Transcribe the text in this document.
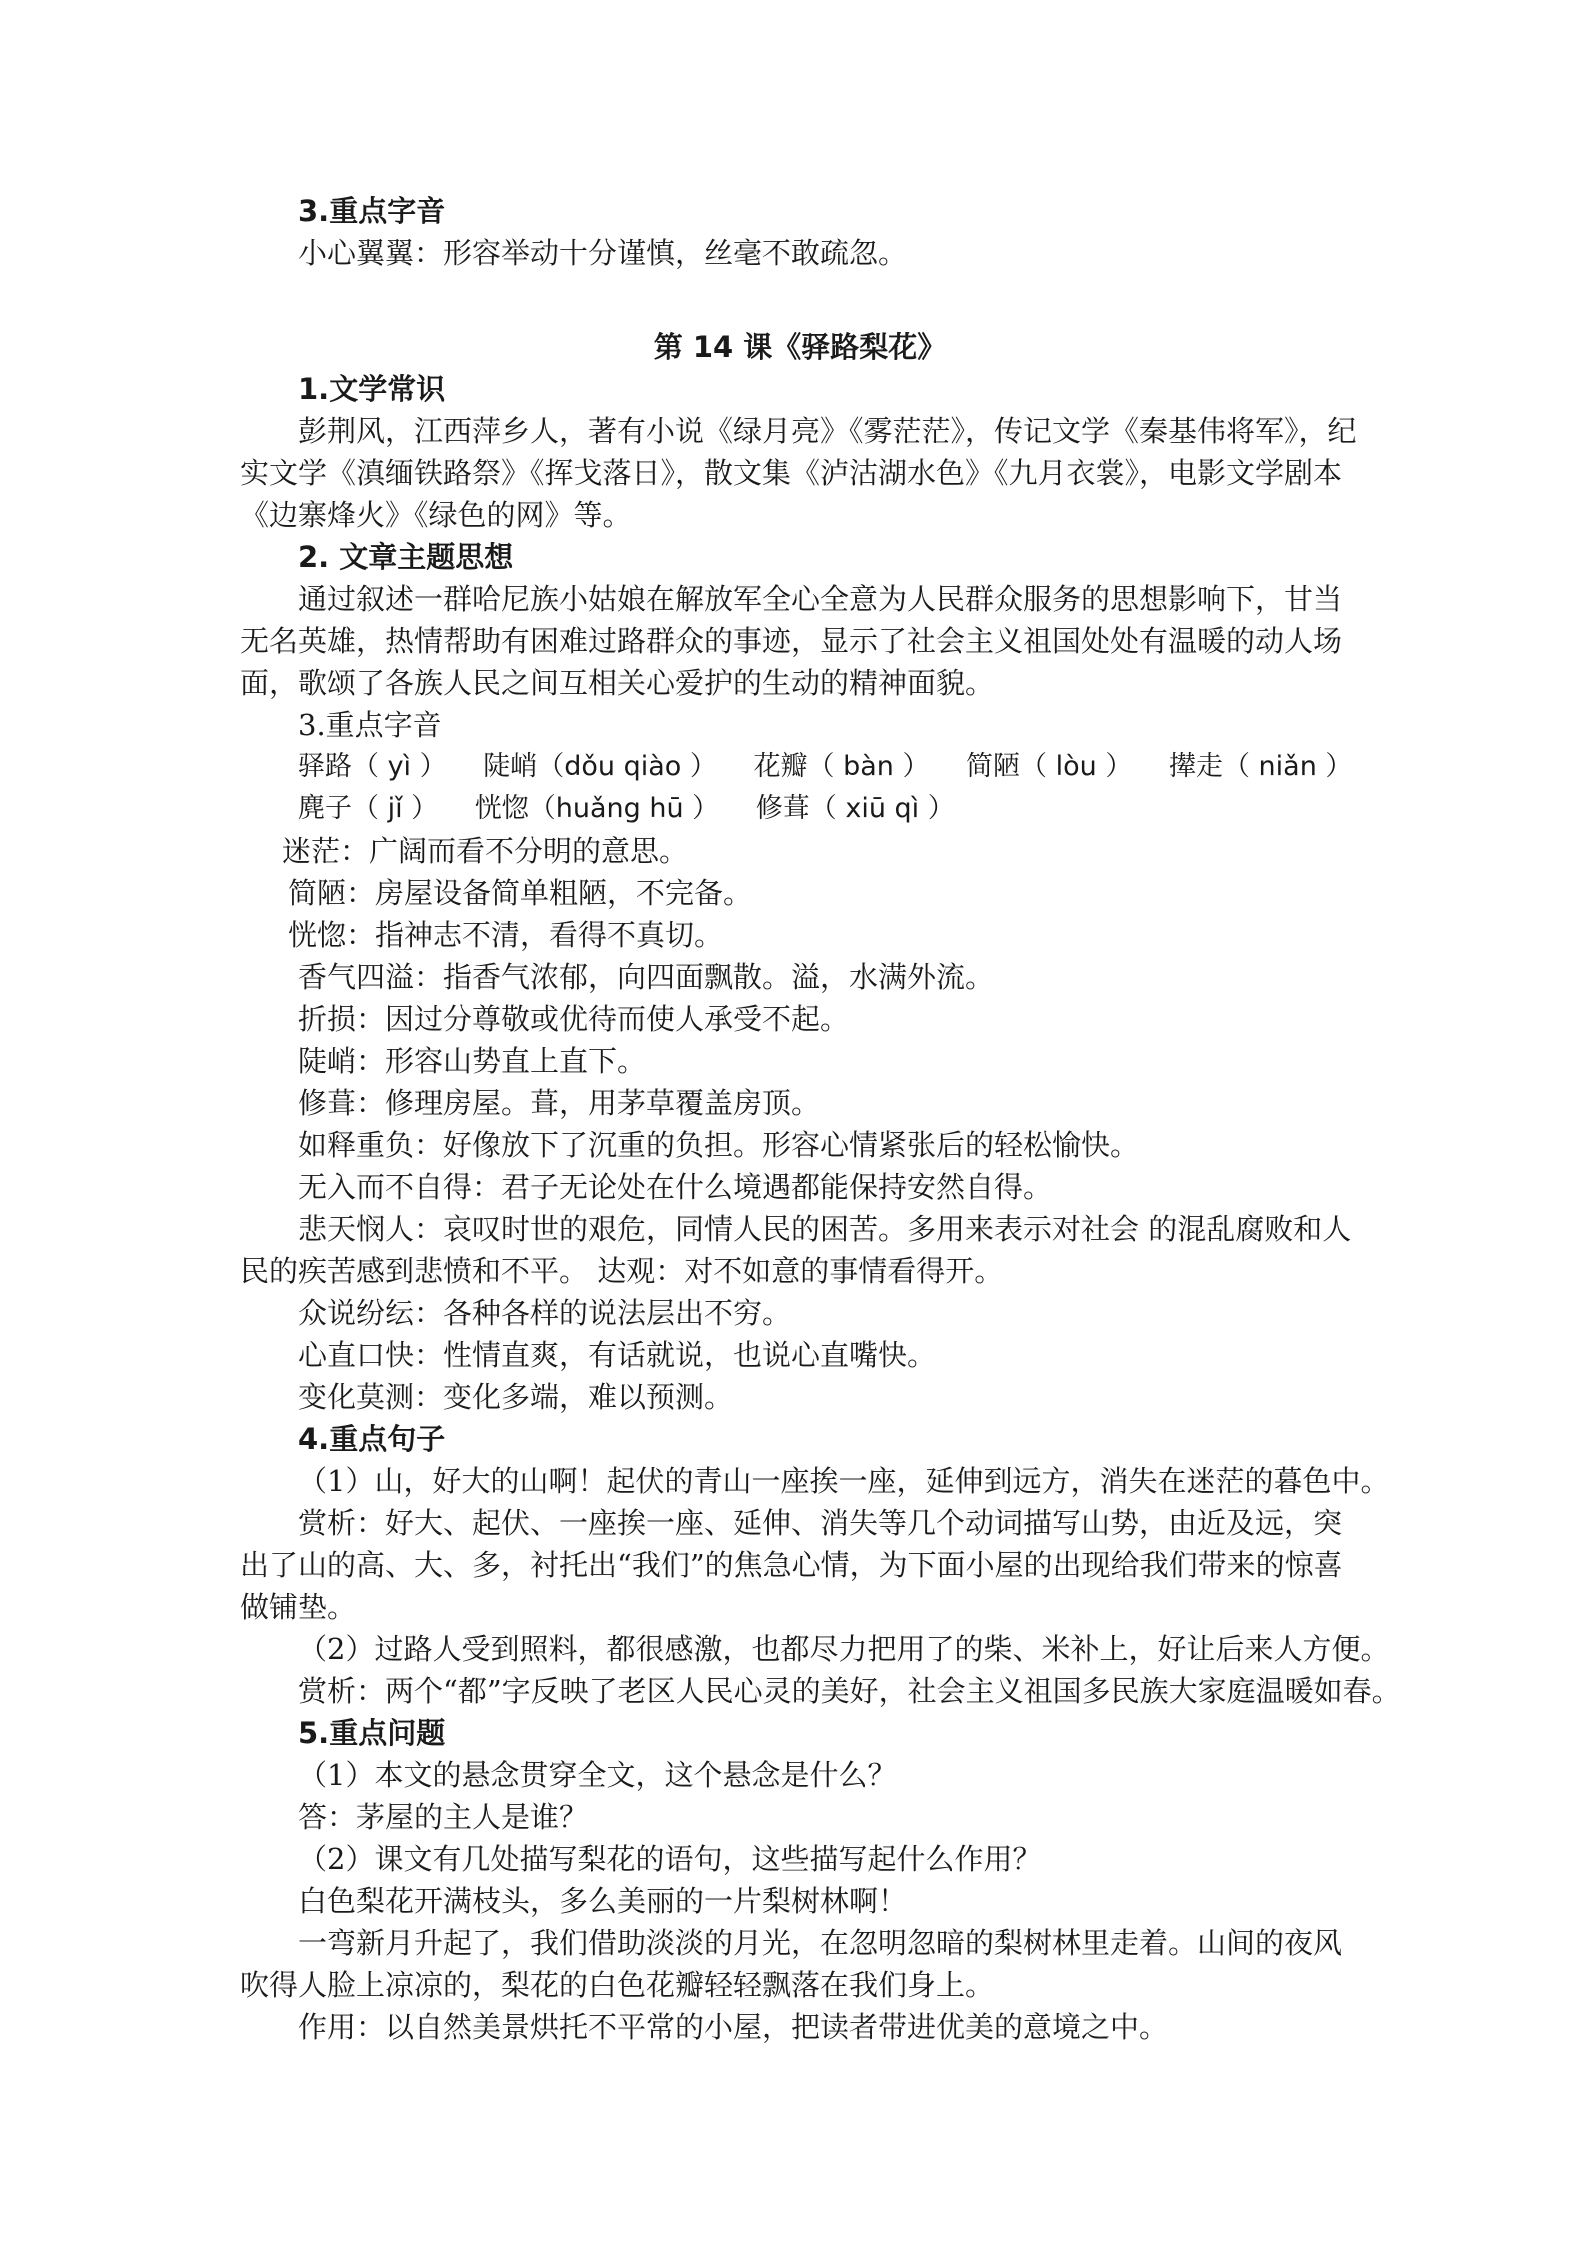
3.重点字音
小心翼翼：形容举动十分谨慎，丝毫不敢疏忽。
第 14 课《驿路梨花》
1.文学常识

彭荆风，江西萍乡人，著有小说《绿月亮》《雾茫茫》，传记文学《秦基伟将军》，纪实文学《滇缅铁路祭》《挥戈落日》，散文集《泸沽湖水色》《九月衣裳》，电影文学剧本《边寨烽火》《绿色的网》等。

2. 文章主题思想

通过叙述一群哈尼族小姑娘在解放军全心全意为人民群众服务的思想影响下，甘当无名英雄，热情帮助有困难过路群众的事迹，显示了社会主义祖国处处有温暖的动人场面，歌颂了各族人民之间互相关心爱护的生动的精神面貌。

3.重点字音
驿路（ yì ） 陡峭（dǒu qiào ） 花瓣（ bàn ） 简陋（ lòu ） 撵走（ niǎn ）
麂子（ jǐ ） 恍惚（huǎng hū ） 修葺（ xiū qì ）
迷茫：广阔而看不分明的意思。
简陋：房屋设备简单粗陋，不完备。
恍惚：指神志不清，看得不真切。
香气四溢：指香气浓郁，向四面飘散。溢，水满外流。
折损：因过分尊敬或优待而使人承受不起。
陡峭：形容山势直上直下。
修葺：修理房屋。葺，用茅草覆盖房顶。
如释重负：好像放下了沉重的负担。形容心情紧张后的轻松愉快。
无入而不自得：君子无论处在什么境遇都能保持安然自得。

悲天悯人：哀叹时世的艰危，同情人民的困苦。多用来表示对社会 的混乱腐败和人民的疾苦感到悲愤和不平。 达观：对不如意的事情看得开。

众说纷纭：各种各样的说法层出不穷。
心直口快：性情直爽，有话就说，也说心直嘴快。
变化莫测：变化多端，难以预测。
4.重点句子
（1）山，好大的山啊！起伏的青山一座挨一座，延伸到远方，消失在迷茫的暮色中。

赏析：好大、起伏、一座挨一座、延伸、消失等几个动词描写山势，由近及远，突出了山的高、大、多，衬托出“我们”的焦急心情，为下面小屋的出现给我们带来的惊喜做铺垫。

（2）过路人受到照料，都很感激，也都尽力把用了的柴、米补上，好让后来人方便。
赏析：两个“都”字反映了老区人民心灵的美好，社会主义祖国多民族大家庭温暖如春。
5.重点问题
（1）本文的悬念贯穿全文，这个悬念是什么？
答：茅屋的主人是谁？
（2）课文有几处描写梨花的语句，这些描写起什么作用？
白色梨花开满枝头，多么美丽的一片梨树林啊！

一弯新月升起了，我们借助淡淡的月光，在忽明忽暗的梨树林里走着。山间的夜风吹得人脸上凉凉的，梨花的白色花瓣轻轻飘落在我们身上。

作用：以自然美景烘托不平常的小屋，把读者带进优美的意境之中。
